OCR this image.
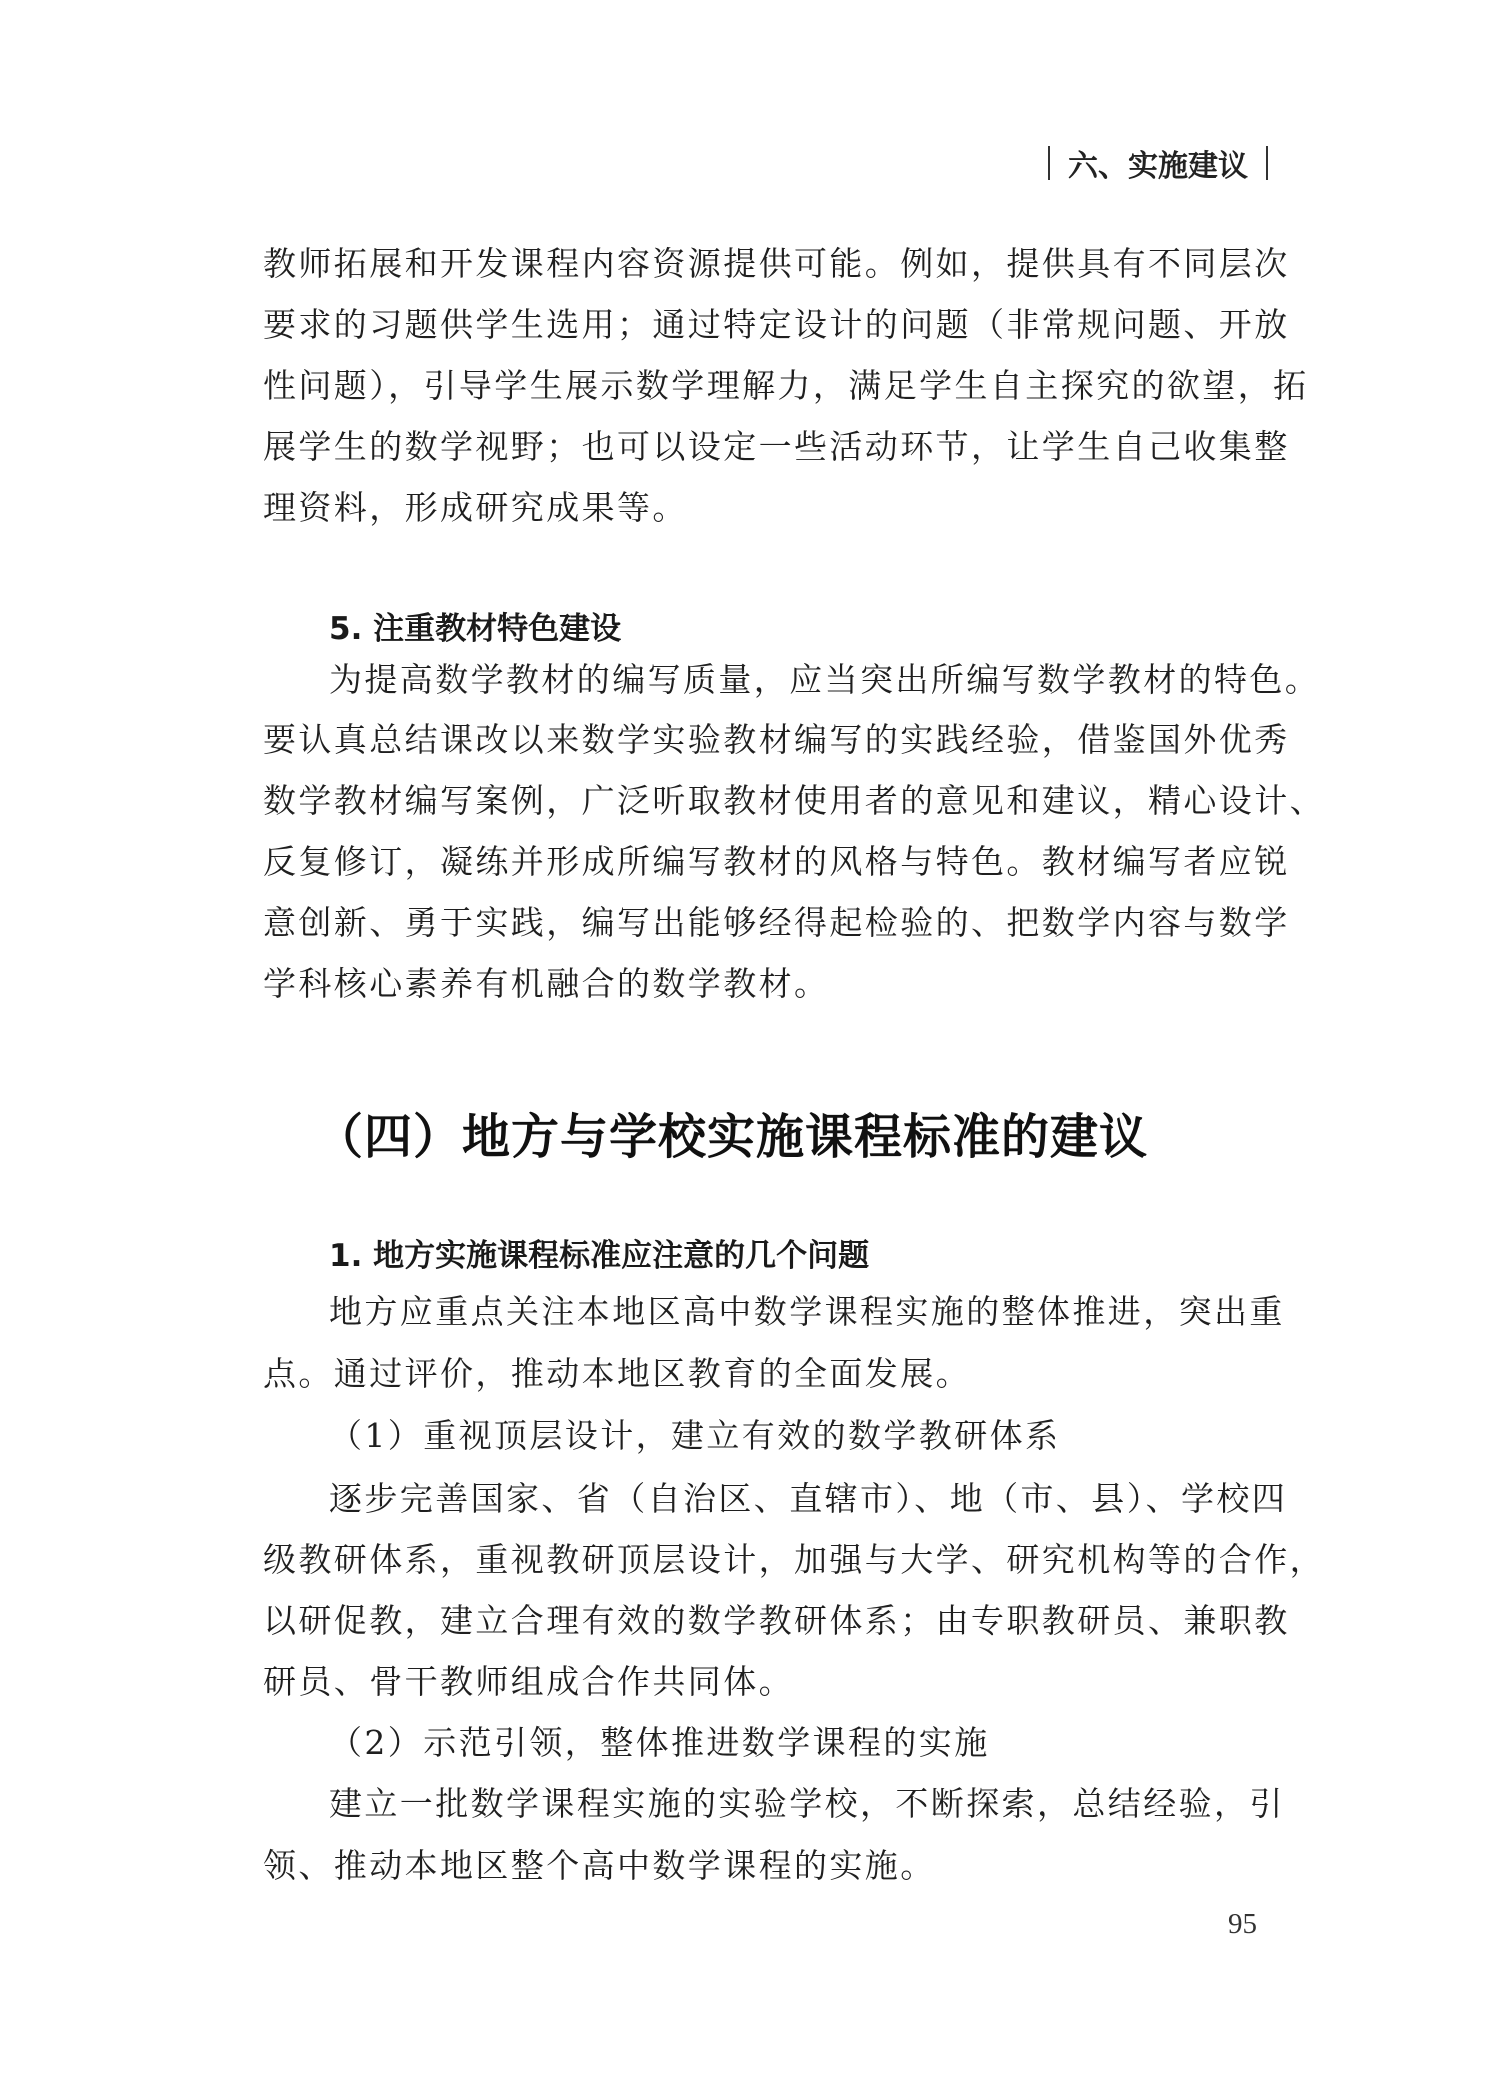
六、实施建议
教师拓展和开发课程内容资源提供可能。例如，提供具有不同层次
要求的习题供学生选用；通过特定设计的问题（非常规问题、开放
性问题），引导学生展示数学理解力，满足学生自主探究的欲望，拓
展学生的数学视野；也可以设定一些活动环节，让学生自己收集整
理资料，形成研究成果等。
5. 注重教材特色建设
为提高数学教材的编写质量，应当突出所编写数学教材的特色。
要认真总结课改以来数学实验教材编写的实践经验，借鉴国外优秀
数学教材编写案例，广泛听取教材使用者的意见和建议，精心设计、
反复修订，凝练并形成所编写教材的风格与特色。教材编写者应锐
意创新、勇于实践，编写出能够经得起检验的、把数学内容与数学
学科核心素养有机融合的数学教材。
（四）地方与学校实施课程标准的建议
1. 地方实施课程标准应注意的几个问题
地方应重点关注本地区高中数学课程实施的整体推进，突出重
点。通过评价，推动本地区教育的全面发展。
（1）重视顶层设计，建立有效的数学教研体系
逐步完善国家、省（自治区、直辖市）、地（市、县）、学校四
级教研体系，重视教研顶层设计，加强与大学、研究机构等的合作，
以研促教，建立合理有效的数学教研体系；由专职教研员、兼职教
研员、骨干教师组成合作共同体。
（2）示范引领，整体推进数学课程的实施
建立一批数学课程实施的实验学校，不断探索，总结经验，引
领、推动本地区整个高中数学课程的实施。
95
